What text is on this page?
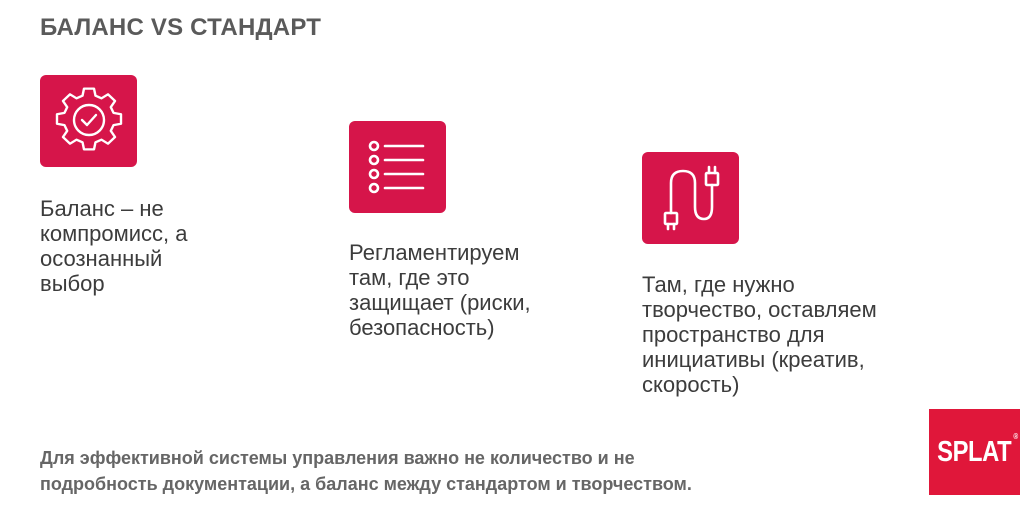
БАЛАНС VS СТАНДАРТ
Баланс – не
компромисс, а
осознанный
выбор
Регламентируем
там, где это
защищает (риски,
безопасность)
Там, где нужно
творчество, оставляем
пространство для
инициативы (креатив,
скорость)
Для эффективной системы управления важно не количество и не
подробность документации, а баланс между стандартом и творчеством.
SPLAT ®
